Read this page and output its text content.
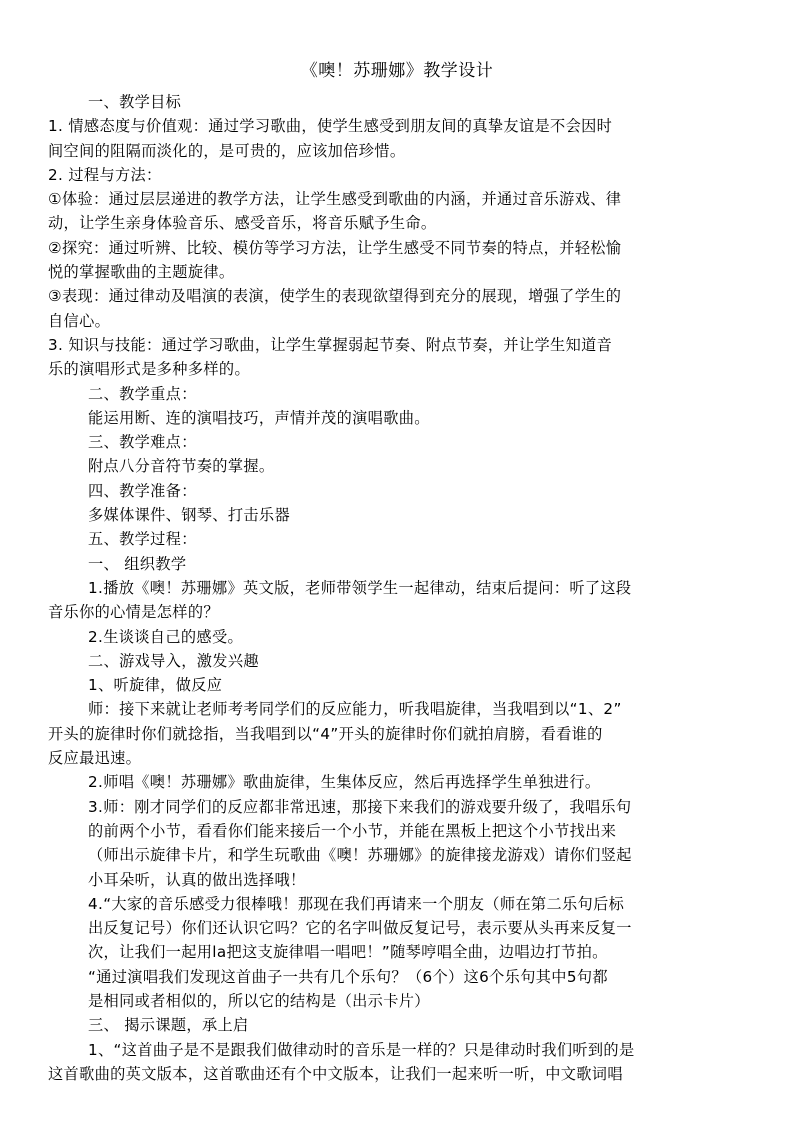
《噢！苏珊娜》教学设计

一、教学目标

1. 情感态度与价值观：通过学习歌曲，使学生感受到朋友间的真挚友谊是不会因时

间空间的阻隔而淡化的，是可贵的，应该加倍珍惜。

2. 过程与方法：

①体验：通过层层递进的教学方法，让学生感受到歌曲的内涵，并通过音乐游戏、律

动，让学生亲身体验音乐、感受音乐，将音乐赋予生命。

②探究：通过听辨、比较、模仿等学习方法，让学生感受不同节奏的特点，并轻松愉

悦的掌握歌曲的主题旋律。

③表现：通过律动及唱演的表演，使学生的表现欲望得到充分的展现，增强了学生的

自信心。

3. 知识与技能：通过学习歌曲，让学生掌握弱起节奏、附点节奏，并让学生知道音

乐的演唱形式是多种多样的。

二、教学重点：

能运用断、连的演唱技巧，声情并茂的演唱歌曲。

三、教学难点：

附点八分音符节奏的掌握。

四、教学准备：

多媒体课件、钢琴、打击乐器

五、教学过程：

一、 组织教学

1.播放《噢！苏珊娜》英文版，老师带领学生一起律动，结束后提问：听了这段

音乐你的心情是怎样的？

2.生谈谈自己的感受。

二、游戏导入，激发兴趣

1、听旋律，做反应

师：接下来就让老师考考同学们的反应能力，听我唱旋律，当我唱到以“1、2”

开头的旋律时你们就捻指，当我唱到以“4”开头的旋律时你们就拍肩膀，看看谁的

反应最迅速。

2.师唱《噢！苏珊娜》歌曲旋律，生集体反应，然后再选择学生单独进行。

3.师：刚才同学们的反应都非常迅速，那接下来我们的游戏要升级了，我唱乐句

的前两个小节，看看你们能来接后一个小节，并能在黑板上把这个小节找出来

（师出示旋律卡片，和学生玩歌曲《噢！苏珊娜》的旋律接龙游戏）请你们竖起

小耳朵听，认真的做出选择哦！

4.“大家的音乐感受力很棒哦！那现在我们再请来一个朋友（师在第二乐句后标

出反复记号）你们还认识它吗？它的名字叫做反复记号，表示要从头再来反复一

次，让我们一起用la把这支旋律唱一唱吧！”随琴哼唱全曲，边唱边打节拍。

“通过演唱我们发现这首曲子一共有几个乐句？（6个）这6个乐句其中5句都

是相同或者相似的，所以它的结构是（出示卡片）

三、 揭示课题，承上启

1、“这首曲子是不是跟我们做律动时的音乐是一样的？只是律动时我们听到的是

这首歌曲的英文版本，这首歌曲还有个中文版本，让我们一起来听一听，中文歌词唱
